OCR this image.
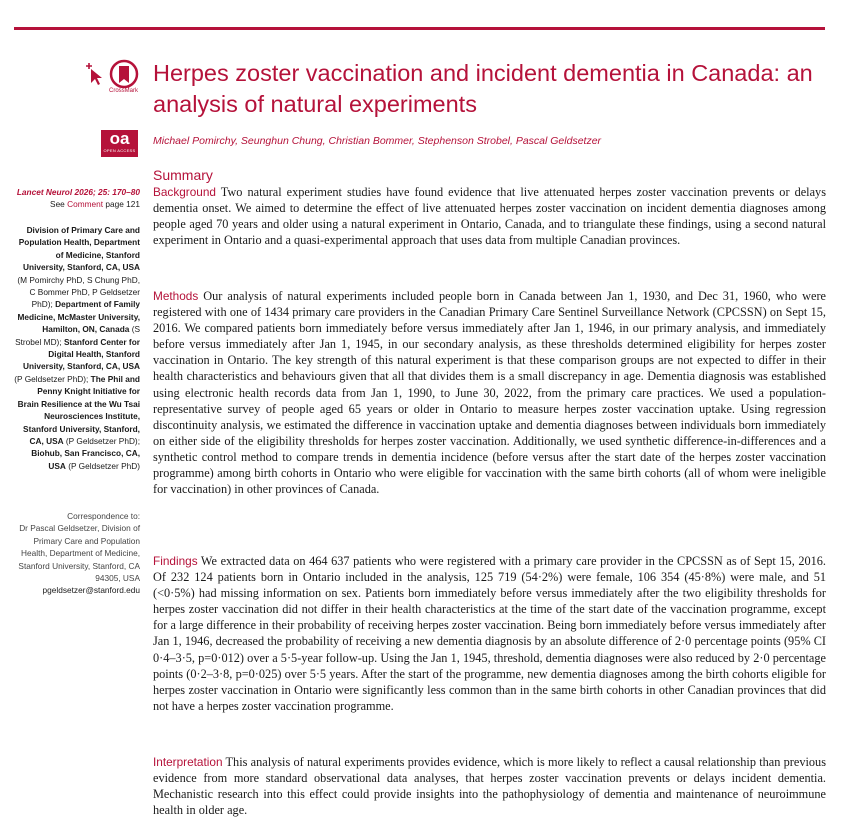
CrossMark
Herpes zoster vaccination and incident dementia in Canada: an analysis of natural experiments
oa
OPEN ACCESS
Michael Pomirchy, Seunghun Chung, Christian Bommer, Stephenson Strobel, Pascal Geldsetzer
Summary
Lancet Neurol 2026; 25: 170–80
See Comment page 121
Division of Primary Care and Population Health, Department of Medicine, Stanford University, Stanford, CA, USA (M Pomirchy PhD, S Chung PhD, C Bommer PhD, P Geldsetzer PhD); Department of Family Medicine, McMaster University, Hamilton, ON, Canada (S Strobel MD); Stanford Center for Digital Health, Stanford University, Stanford, CA, USA (P Geldsetzer PhD); The Phil and Penny Knight Initiative for Brain Resilience at the Wu Tsai Neurosciences Institute, Stanford University, Stanford, CA, USA (P Geldsetzer PhD); Biohub, San Francisco, CA, USA (P Geldsetzer PhD)
Correspondence to:
Dr Pascal Geldsetzer, Division of Primary Care and Population Health, Department of Medicine, Stanford University, Stanford, CA 94305, USA
pgeldsetzer@stanford.edu

Background Two natural experiment studies have found evidence that live attenuated herpes zoster vaccination prevents or delays dementia onset. We aimed to determine the effect of live attenuated herpes zoster vaccination on incident dementia diagnoses among people aged 70 years and older using a natural experiment in Ontario, Canada, and to triangulate these findings, using a second natural experiment in Ontario and a quasi-experimental approach that uses data from multiple Canadian provinces.

Methods Our analysis of natural experiments included people born in Canada between Jan 1, 1930, and Dec 31, 1960, who were registered with one of 1434 primary care providers in the Canadian Primary Care Sentinel Surveillance Network (CPCSSN) on Sept 15, 2016. We compared patients born immediately before versus immediately after Jan 1, 1946, in our primary analysis, and immediately before versus immediately after Jan 1, 1945, in our secondary analysis, as these thresholds determined eligibility for herpes zoster vaccination in Ontario. The key strength of this natural experiment is that these comparison groups are not expected to differ in their health characteristics and behaviours given that all that divides them is a small discrepancy in age. Dementia diagnosis was established using electronic health records data from Jan 1, 1990, to June 30, 2022, from the primary care practices. We used a population-representative survey of people aged 65 years or older in Ontario to measure herpes zoster vaccination uptake. Using regression discontinuity analysis, we estimated the difference in vaccination uptake and dementia diagnoses between individuals born immediately on either side of the eligibility thresholds for herpes zoster vaccination. Additionally, we used synthetic difference-in-differences and a synthetic control method to compare trends in dementia incidence (before versus after the start date of the herpes zoster vaccination programme) among birth cohorts in Ontario who were eligible for vaccination with the same birth cohorts (all of whom were ineligible for vaccination) in other provinces of Canada.

Findings We extracted data on 464 637 patients who were registered with a primary care provider in the CPCSSN as of Sept 15, 2016. Of 232 124 patients born in Ontario included in the analysis, 125 719 (54·2%) were female, 106 354 (45·8%) were male, and 51 (<0·5%) had missing information on sex. Patients born immediately before versus immediately after the two eligibility thresholds for herpes zoster vaccination did not differ in their health characteristics at the time of the start date of the vaccination programme, except for a large difference in their probability of receiving herpes zoster vaccination. Being born immediately before versus immediately after Jan 1, 1946, decreased the probability of receiving a new dementia diagnosis by an absolute difference of 2·0 percentage points (95% CI 0·4–3·5, p=0·012) over a 5·5-year follow-up. Using the Jan 1, 1945, threshold, dementia diagnoses were also reduced by 2·0 percentage points (0·2–3·8, p=0·025) over 5·5 years. After the start of the programme, new dementia diagnoses among the birth cohorts eligible for herpes zoster vaccination in Ontario were significantly less common than in the same birth cohorts in other Canadian provinces that did not have a herpes zoster vaccination programme.

Interpretation This analysis of natural experiments provides evidence, which is more likely to reflect a causal relationship than previous evidence from more standard observational data analyses, that herpes zoster vaccination prevents or delays incident dementia. Mechanistic research into this effect could provide insights into the pathophysiology of dementia and maintenance of neuroimmune health in older age.
